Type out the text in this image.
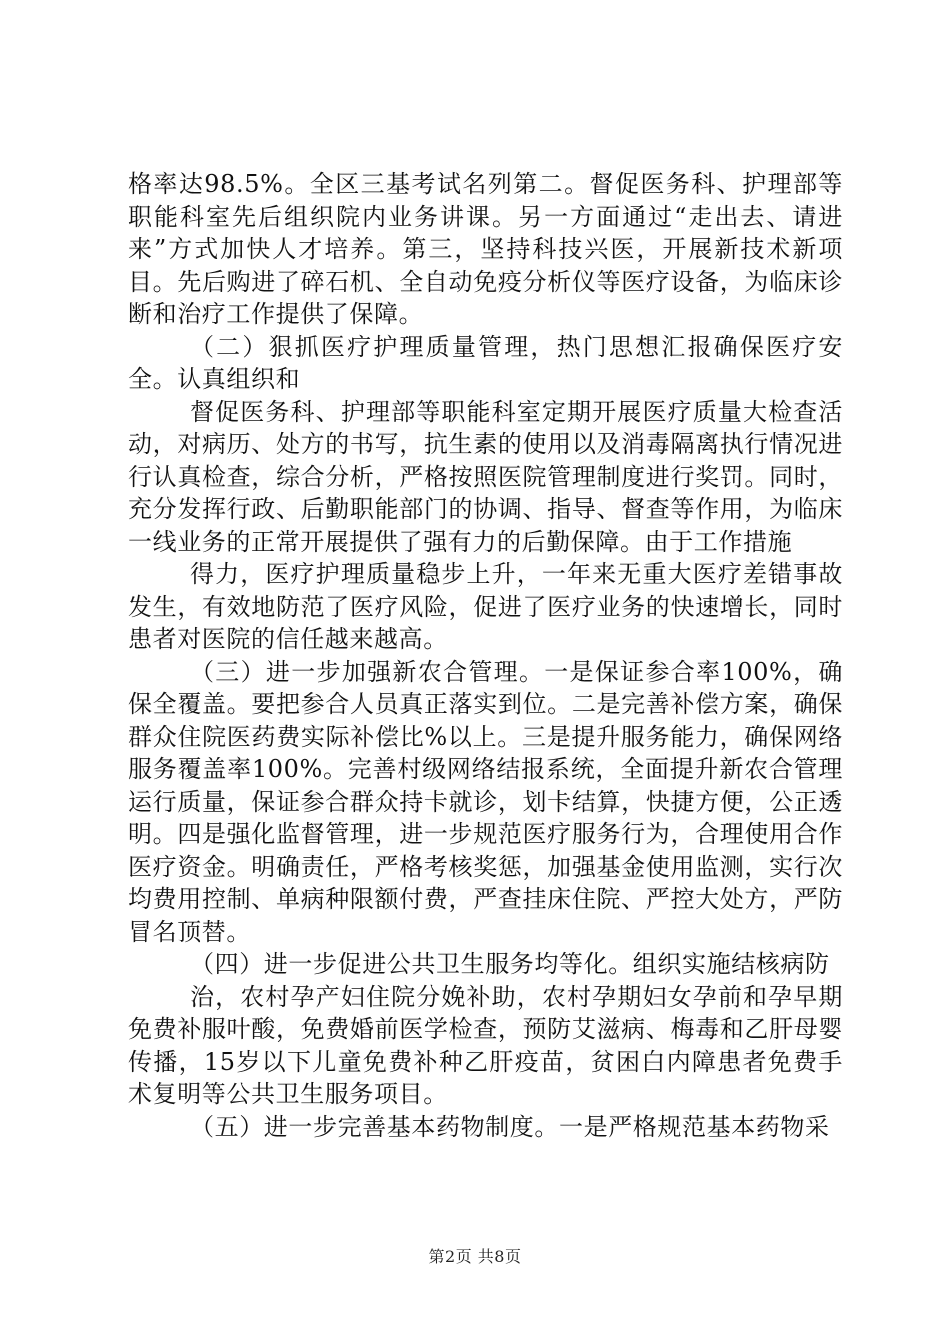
格率达98.5%。全区三基考试名列第二。督促医务科、护理部等职能科室先后组织院内业务讲课。另一方面通过“走出去、请进来”方式加快人才培养。第三，坚持科技兴医，开展新技术新项目。先后购进了碎石机、全自动免疫分析仪等医疗设备，为临床诊断和治疗工作提供了保障。

（二）狠抓医疗护理质量管理，热门思想汇报确保医疗安全。认真组织和

督促医务科、护理部等职能科室定期开展医疗质量大检查活动，对病历、处方的书写，抗生素的使用以及消毒隔离执行情况进行认真检查，综合分析，严格按照医院管理制度进行奖罚。同时，充分发挥行政、后勤职能部门的协调、指导、督查等作用，为临床一线业务的正常开展提供了强有力的后勤保障。由于工作措施

得力，医疗护理质量稳步上升，一年来无重大医疗差错事故发生，有效地防范了医疗风险，促进了医疗业务的快速增长，同时患者对医院的信任越来越高。

（三）进一步加强新农合管理。一是保证参合率100%，确保全覆盖。要把参合人员真正落实到位。二是完善补偿方案，确保群众住院医药费实际补偿比%以上。三是提升服务能力，确保网络服务覆盖率100%。完善村级网络结报系统，全面提升新农合管理运行质量，保证参合群众持卡就诊，划卡结算，快捷方便，公正透明。四是强化监督管理，进一步规范医疗服务行为，合理使用合作医疗资金。明确责任，严格考核奖惩，加强基金使用监测，实行次均费用控制、单病种限额付费，严查挂床住院、严控大处方，严防冒名顶替。

（四）进一步促进公共卫生服务均等化。组织实施结核病防

治，农村孕产妇住院分娩补助，农村孕期妇女孕前和孕早期免费补服叶酸，免费婚前医学检查，预防艾滋病、梅毒和乙肝母婴传播，15岁以下儿童免费补种乙肝疫苗，贫困白内障患者免费手术复明等公共卫生服务项目。

（五）进一步完善基本药物制度。一是严格规范基本药物采

第2页 共8页
